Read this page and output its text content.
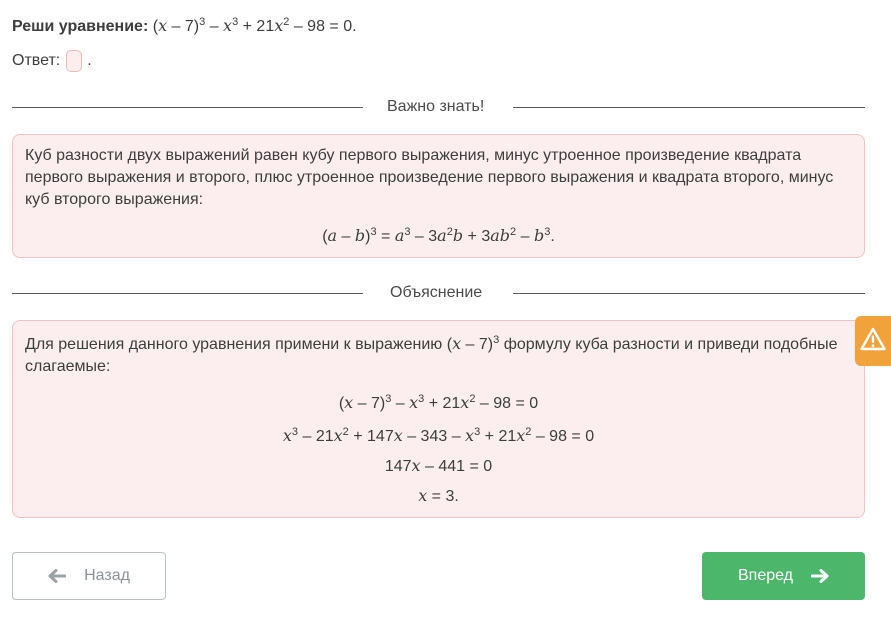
Реши уравнение: $(x - 7)^3 - x^3 + 21x^2 - 98 = 0$.
Ответ: .
Важно знать!

Куб разности двух выражений равен кубу первого выражения, минус утроенное произведение квадрата первого выражения и второго, плюс утроенное произведение первого выражения и квадрата второго, минус куб второго выражения:

$(a - b)^3 = a^3 - 3a^2b + 3ab^2 - b^3$.
Объяснение

Для решения данного уравнения примени к выражению (x – 7)$^3$ формулу куба разности и приведи подобные слагаемые:

$(x - 7)^3 - x^3 + 21x^2 - 98 = 0$
$x^3 - 21x^2 + 147x - 343 - x^3 + 21x^2 - 98 = 0$
147x – 441 = 0
x = 3.
Назад	Вперед
